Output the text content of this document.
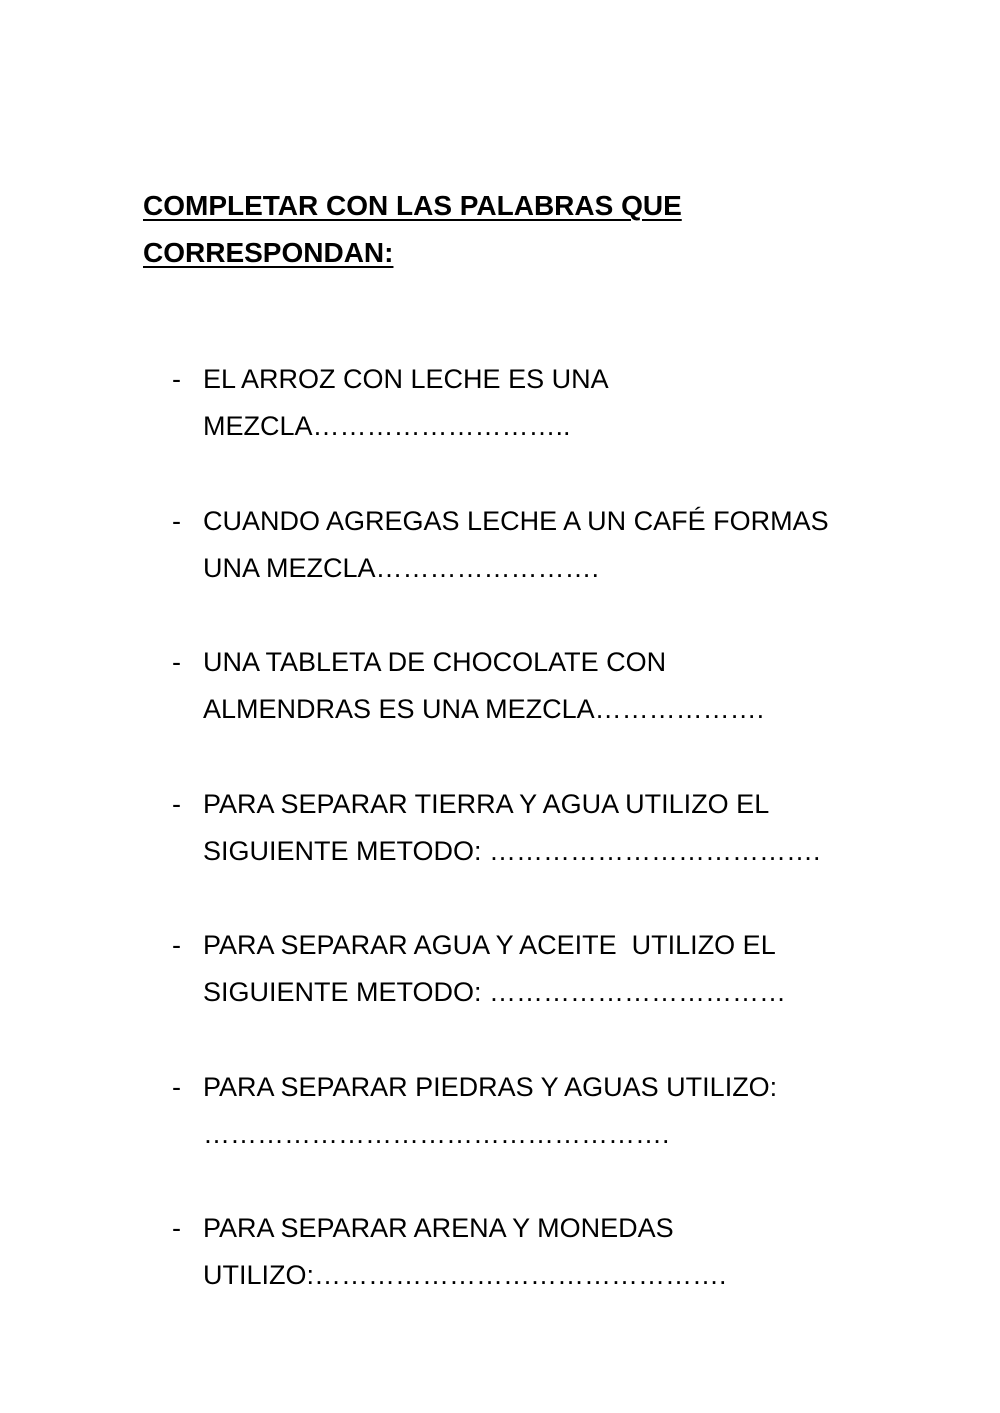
COMPLETAR CON LAS PALABRAS QUE
CORRESPONDAN:
- EL ARROZ CON LECHE ES UNA
MEZCLA………………………..
- CUANDO AGREGAS LECHE A UN CAFÉ FORMAS
UNA MEZCLA…………………….
- UNA TABLETA DE CHOCOLATE CON
ALMENDRAS ES UNA MEZCLA……………….
- PARA SEPARAR TIERRA Y AGUA UTILIZO EL
SIGUIENTE METODO: ……………………………….
- PARA SEPARAR AGUA Y ACEITE  UTILIZO EL
SIGUIENTE METODO: ……………………………
- PARA SEPARAR PIEDRAS Y AGUAS UTILIZO:
…………………………………………….
- PARA SEPARAR ARENA Y MONEDAS
UTILIZO:……………………………………….
